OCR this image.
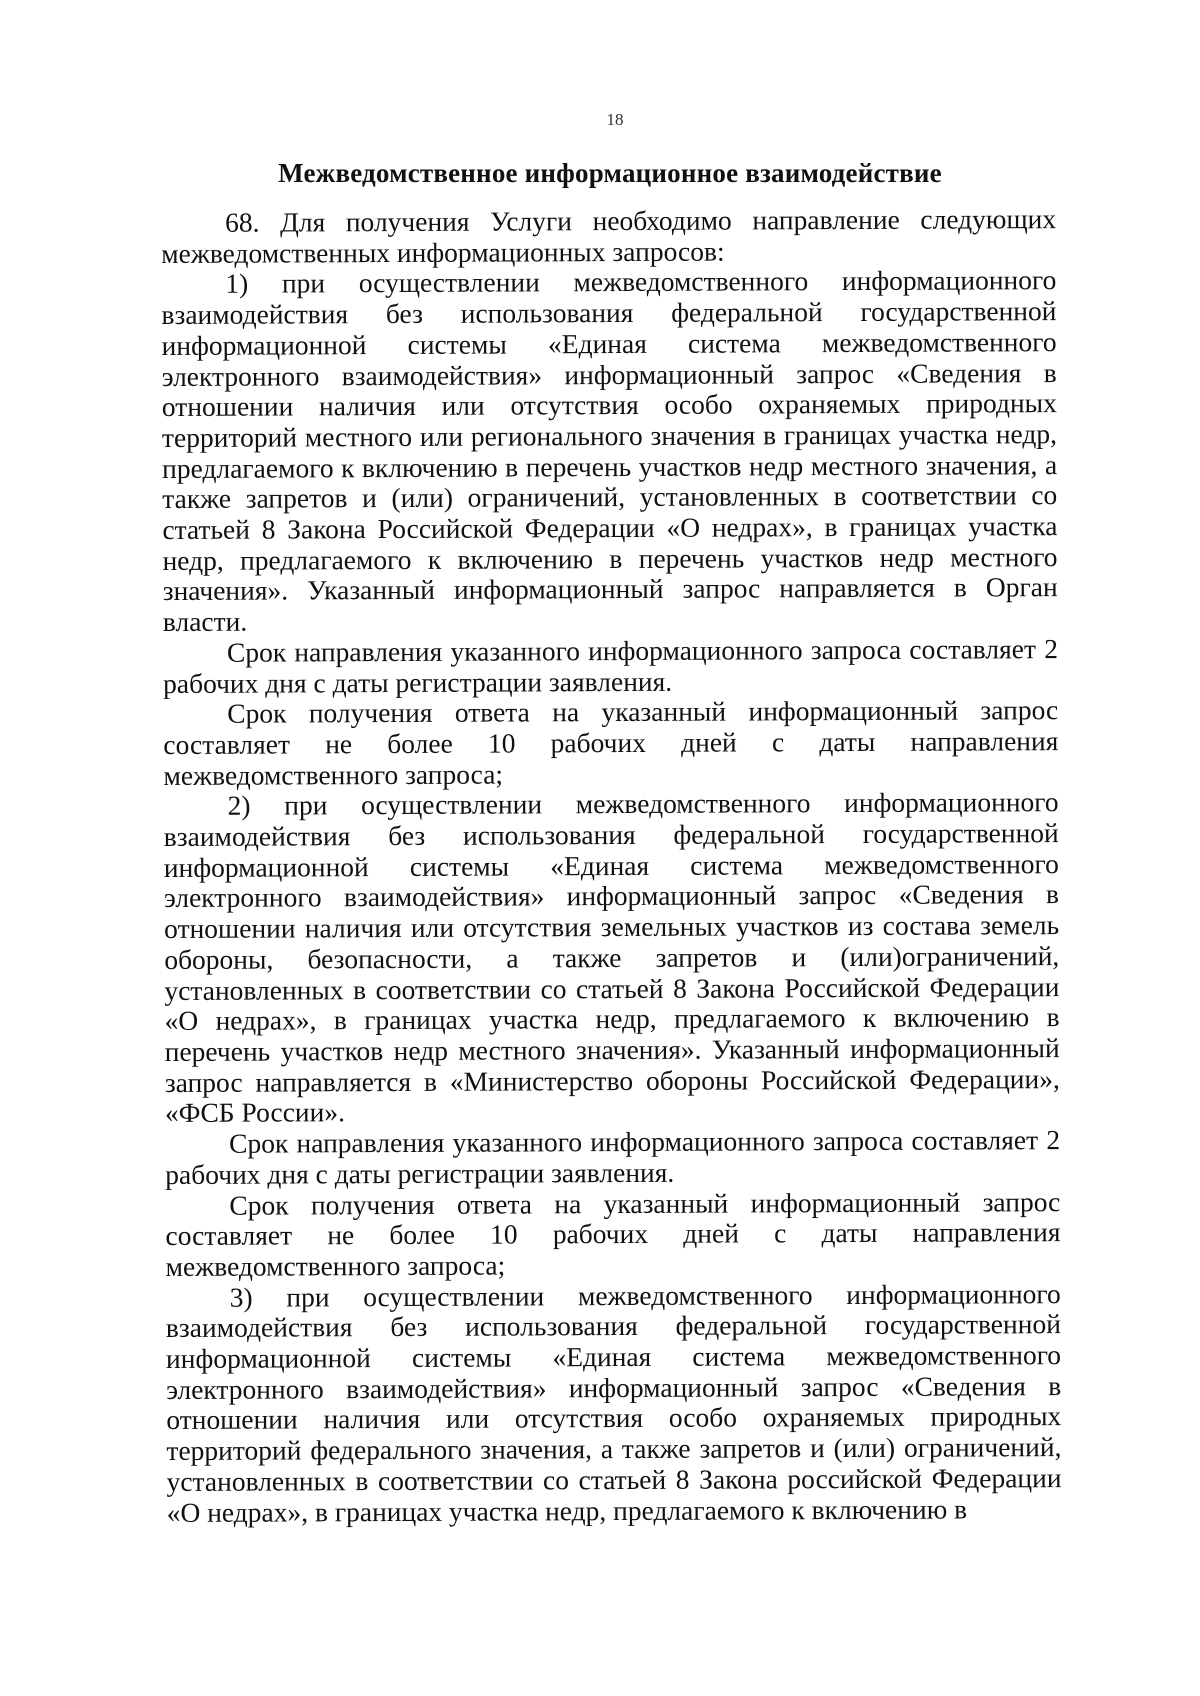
18
Межведомственное информационное взаимодействие

68. Для получения Услуги необходимо направление следующих межведомственных информационных запросов:

1) при осуществлении межведомственного информационного взаимодействия без использования федеральной государственной информационной системы «Единая система межведомственного электронного взаимодействия» информационный запрос «Сведения в отношении наличия или отсутствия особо охраняемых природных территорий местного или регионального значения в границах участка недр, предлагаемого к включению в перечень участков недр местного значения, а также запретов и (или) ограничений, установленных в соответствии со статьей 8 Закона Российской Федерации «О недрах», в границах участка недр, предлагаемого к включению в перечень участков недр местного значения». Указанный информационный запрос направляется в Орган власти.

Срок направления указанного информационного запроса составляет 2 рабочих дня с даты регистрации заявления.

Срок получения ответа на указанный информационный запрос составляет не более 10 рабочих дней с даты направления межведомственного запроса;

2) при осуществлении межведомственного информационного взаимодействия без использования федеральной государственной информационной системы «Единая система межведомственного электронного взаимодействия» информационный запрос «Сведения в отношении наличия или отсутствия земельных участков из состава земель обороны, безопасности, а также запретов и (или)ограничений, установленных в соответствии со статьей 8 Закона Российской Федерации «О недрах», в границах участка недр, предлагаемого к включению в перечень участков недр местного значения». Указанный информационный запрос направляется в «Министерство обороны Российской Федерации», «ФСБ России».

Срок направления указанного информационного запроса составляет 2 рабочих дня с даты регистрации заявления.

Срок получения ответа на указанный информационный запрос составляет не более 10 рабочих дней с даты направления межведомственного запроса;

3) при осуществлении межведомственного информационного взаимодействия без использования федеральной государственной информационной системы «Единая система межведомственного электронного взаимодействия» информационный запрос «Сведения в отношении наличия или отсутствия особо охраняемых природных территорий федерального значения, а также запретов и (или) ограничений, установленных в соответствии со статьей 8 Закона российской Федерации «О недрах», в границах участка недр, предлагаемого к включению в
